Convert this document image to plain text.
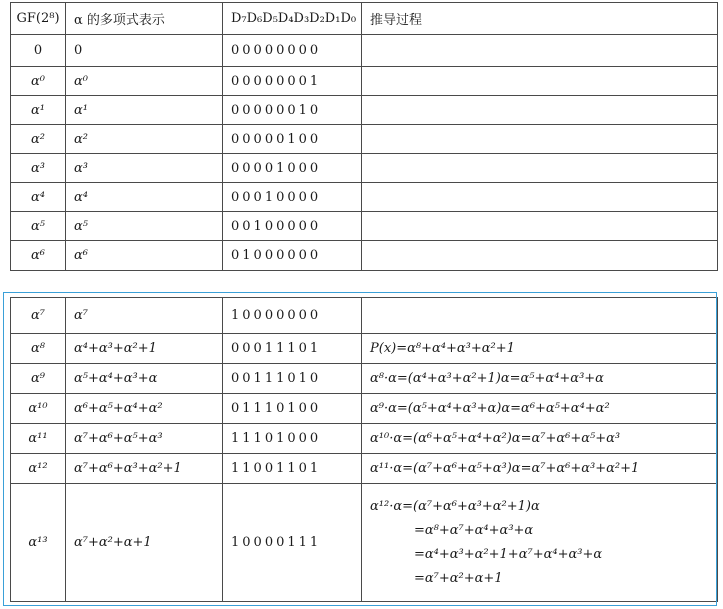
GF(2⁸)	α 的多项式表示	D₇D₆D₅D₄D₃D₂D₁D₀	推导过程
0	0	00000000	
α⁰	α⁰	00000001	
α¹	α¹	00000010	
α²	α²	00000100	
α³	α³	00001000	
α⁴	α⁴	00010000	
α⁵	α⁵	00100000	
α⁶	α⁶	01000000	
α⁷	α⁷	10000000	
α⁸	α⁴+α³+α²+1	00011101	P(x)=α⁸+α⁴+α³+α²+1
α⁹	α⁵+α⁴+α³+α	00111010	α⁸·α=(α⁴+α³+α²+1)α=α⁵+α⁴+α³+α
α¹⁰	α⁶+α⁵+α⁴+α²	01110100	α⁹·α=(α⁵+α⁴+α³+α)α=α⁶+α⁵+α⁴+α²
α¹¹	α⁷+α⁶+α⁵+α³	11101000	α¹⁰·α=(α⁶+α⁵+α⁴+α²)α=α⁷+α⁶+α⁵+α³
α¹²	α⁷+α⁶+α³+α²+1	11001101	α¹¹·α=(α⁷+α⁶+α⁵+α³)α=α⁷+α⁶+α³+α²+1
α¹³	α⁷+α²+α+1	10000111	α¹²·α=(α⁷+α⁶+α³+α²+1)α
=α⁸+α⁷+α⁴+α³+α
=α⁴+α³+α²+1+α⁷+α⁴+α³+α
=α⁷+α²+α+1
